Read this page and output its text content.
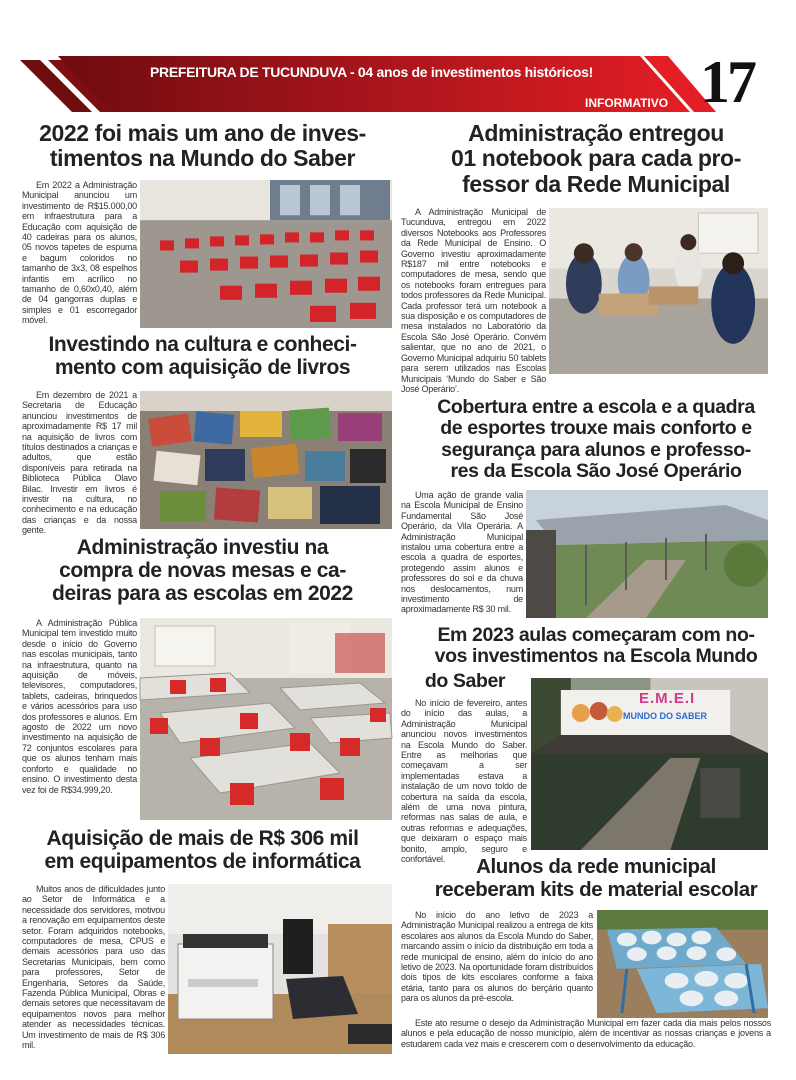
PREFEITURA DE TUCUNDUVA - 04 anos de investimentos históricos!
INFORMATIVO 17
2022 foi mais um ano de inves-
timentos na Mundo do Saber

Em 2022 a Administração Municipal anunciou um investimento de R$15.000,00 em infraestrutura para a Educação com aquisição de 40 cadeiras para os alunos, 05 novos tapetes de espuma e bagum coloridos no tamanho de 3x3, 08 espelhos infantis em acrílico no tamanho de 0,60x0,40, além de 04 gangorras duplas e simples e 01 escorregador móvel.

Investindo na cultura e conheci-
mento com aquisição de livros

Em dezembro de 2021 a Secretaria de Educação anunciou investimentos de aproximadamente R$ 17 mil na aquisição de livros com títulos destinados a crianças e adultos, que estão disponíveis para retirada na Biblioteca Pública Olavo Bilac. Investir em livros é investir na cultura, no conhecimento e na educação das crianças e da nossa gente.

Administração investiu na
compra de novas mesas e ca-
deiras para as escolas em 2022

A Administração Pública Municipal tem investido muito desde o início do Governo nas escolas municipais, tanto na infraestrutura, quanto na aquisição de móveis, televisores, computadores, tablets, cadeiras, brinquedos e vários acessórios para uso dos professores e alunos. Em agosto de 2022 um novo investimento na aquisição de 72 conjuntos escolares para que os alunos tenham mais conforto e qualidade no ensino. O investimento desta vez foi de R$34.999,20.

Aquisição de mais de R$ 306 mil
em equipamentos de informática

Muitos anos de dificuldades junto ao Setor de Informática e a necessidade dos servidores, motivou a renovação em equipamentos deste setor. Foram adquiridos notebooks, computadores de mesa, CPUS e demais acessórios para uso das Secretarias Municipais, bem como para professores, Setor de Engenharia, Setores da Saúde, Fazenda Pública Municipal, Obras e demais setores que necessitavam de equipamentos novos para melhor atender as necessidades técnicas. Um investimento de mais de R$ 306 mil.

Administração entregou
01 notebook para cada pro-
fessor da Rede Municipal

A Administração Municipal de Tucunduva, entregou em 2022 diversos Notebooks aos Professores da Rede Municipal de Ensino. O Governo investiu aproximadamente R$187 mil entre notebooks e computadores de mesa, sendo que os notebooks foram entregues para todos professores da Rede Municipal. Cada professor terá um notebook a sua disposição e os computadores de mesa instalados no Laboratório da Escola São José Operário. Convém salientar, que no ano de 2021, o Governo Municipal adquiriu 50 tablets para serem utilizados nas Escolas Municipais ‘Mundo do Saber e São José Operário’.

Cobertura entre a escola e a quadra
de esportes trouxe mais conforto e
segurança para alunos e professo-
res da Escola São José Operário

Uma ação de grande valia na Escola Municipal de Ensino Fundamental São José Operário, da Vila Operária. A Administração Municipal instalou uma cobertura entre a escola a quadra de esportes, protegendo assim alunos e professores do sol e da chuva nos deslocamentos, num investimento de aproximadamente R$ 30 mil.

Em 2023 aulas começaram com no-
vos investimentos na Escola Mundo
do Saber

No início de fevereiro, antes do início das aulas, a Administração Municipal anunciou novos investimentos na Escola Mundo do Saber. Entre as melhorias que começavam a ser implementadas estava a instalação de um novo toldo de cobertura na saída da escola, além de uma nova pintura, reformas nas salas de aula, e outras reformas e adequações, que deixaram o espaço mais bonito, amplo, seguro e confortável.

E.M.E.I
MUNDO DO SABER
Alunos da rede municipal
receberam kits de material escolar

No início do ano letivo de 2023 a Administração Municipal realizou a entrega de kits escolares aos alunos da Escola Mundo do Saber, marcando assim o início da distribuição em toda a rede municipal de ensino, além do início do ano letivo de 2023. Na oportunidade foram distribuídos dois tipos de kits escolares conforme a faixa etária, tanto para os alunos do berçário quanto para os alunos da pré-escola.

Este ato resume o desejo da Administração Municipal em fazer cada dia mais pelos nossos alunos e pela educação de nosso município, além de incentivar as nossas crianças e jovens a estudarem cada vez mais e crescerem com o desenvolvimento da educação.
